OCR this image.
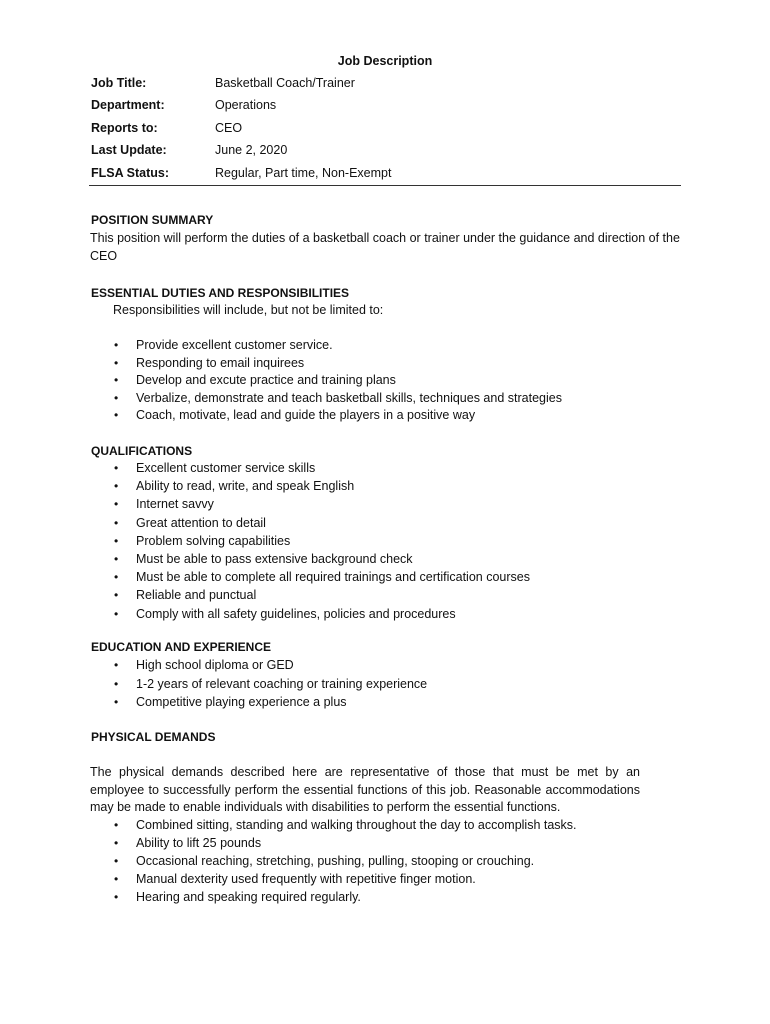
Job Description
Job Title:	Basketball Coach/Trainer
Department:	Operations
Reports to:	CEO
Last Update:	June 2, 2020
FLSA Status:	Regular, Part time, Non-Exempt
POSITION SUMMARY
This position will perform the duties of a basketball coach or trainer under the guidance and direction of the CEO
ESSENTIAL DUTIES AND RESPONSIBILITIES
Responsibilities will include, but not be limited to:
• Provide excellent customer service.
• Responding to email inquirees
• Develop and excute practice and training plans
• Verbalize, demonstrate and teach basketball skills, techniques and strategies
• Coach, motivate, lead and guide the players in a positive way
QUALIFICATIONS
• Excellent customer service skills
• Ability to read, write, and speak English
• Internet savvy
• Great attention to detail
• Problem solving capabilities
• Must be able to pass extensive background check
• Must be able to complete all required trainings and certification courses
• Reliable and punctual
• Comply with all safety guidelines, policies and procedures
EDUCATION AND EXPERIENCE
• High school diploma or GED
• 1-2 years of relevant coaching or training experience
• Competitive playing experience a plus
PHYSICAL DEMANDS
The physical demands described here are representative of those that must be met by an employee to successfully perform the essential functions of this job. Reasonable accommodations may be made to enable individuals with disabilities to perform the essential functions.
• Combined sitting, standing and walking throughout the day to accomplish tasks.
• Ability to lift 25 pounds
• Occasional reaching, stretching, pushing, pulling, stooping or crouching.
• Manual dexterity used frequently with repetitive finger motion.
• Hearing and speaking required regularly.
